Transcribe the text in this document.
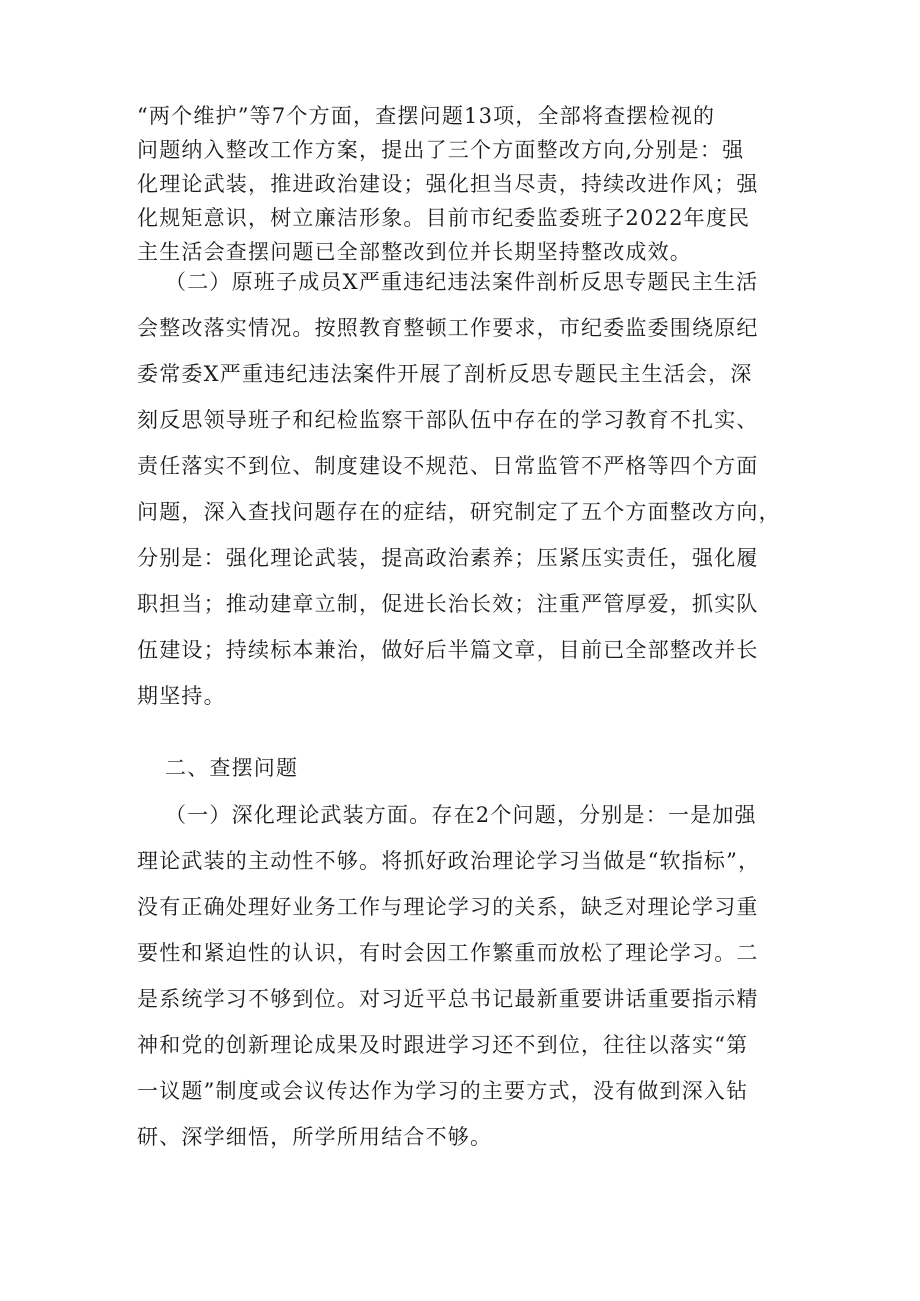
“两个维护”等7个方面，查摆问题13项，全部将查摆检视的
问题纳入整改工作方案，提出了三个方面整改方向,分别是：强
化理论武装，推进政治建设；强化担当尽责，持续改进作风；强
化规矩意识，树立廉洁形象。目前市纪委监委班子2022年度民
主生活会查摆问题已全部整改到位并长期坚持整改成效。
（二）原班子成员X严重违纪违法案件剖析反思专题民主生活
会整改落实情况。按照教育整顿工作要求，市纪委监委围绕原纪
委常委X严重违纪违法案件开展了剖析反思专题民主生活会，深
刻反思领导班子和纪检监察干部队伍中存在的学习教育不扎实、
责任落实不到位、制度建设不规范、日常监管不严格等四个方面
问题，深入查找问题存在的症结，研究制定了五个方面整改方向，
分别是：强化理论武装，提高政治素养；压紧压实责任，强化履
职担当；推动建章立制，促进长治长效；注重严管厚爱，抓实队
伍建设；持续标本兼治，做好后半篇文章，目前已全部整改并长
期坚持。
二、查摆问题
（一）深化理论武装方面。存在2个问题，分别是：一是加强
理论武装的主动性不够。将抓好政治理论学习当做是“软指标”，
没有正确处理好业务工作与理论学习的关系，缺乏对理论学习重
要性和紧迫性的认识，有时会因工作繁重而放松了理论学习。二
是系统学习不够到位。对习近平总书记最新重要讲话重要指示精
神和党的创新理论成果及时跟进学习还不到位，往往以落实“第
一议题”制度或会议传达作为学习的主要方式，没有做到深入钻
研、深学细悟，所学所用结合不够。
